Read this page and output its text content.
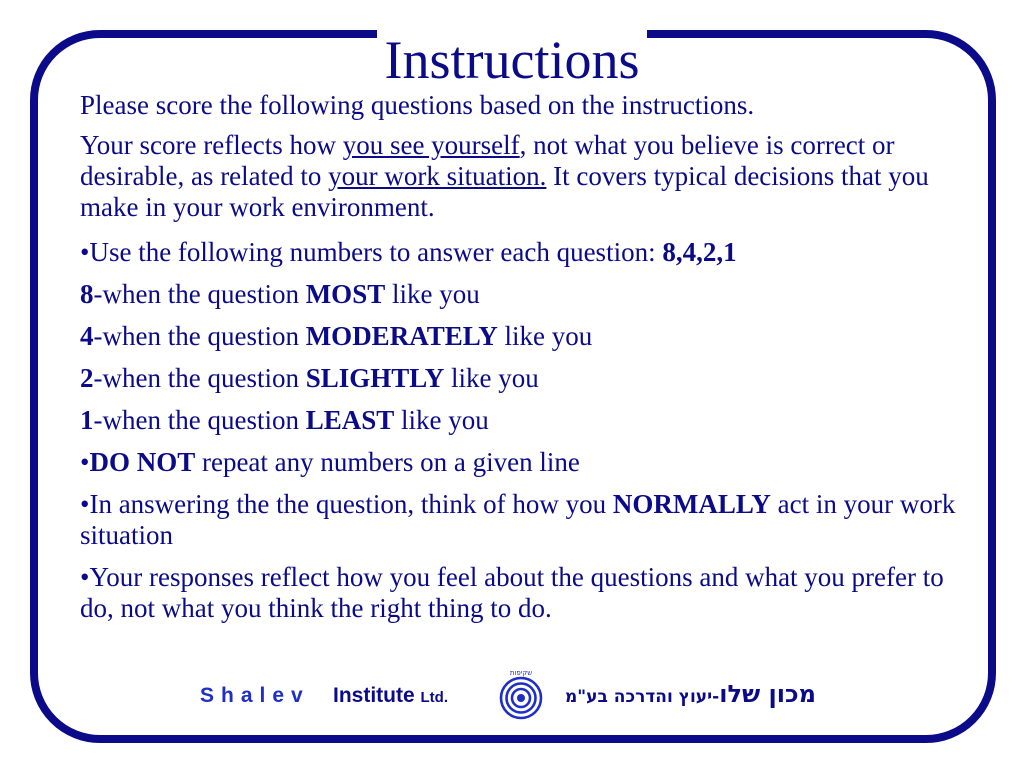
Instructions

Please score the following questions based on the instructions.

Your score reflects how you see yourself, not what you believe is correct or desirable, as related to your work situation. It covers typical decisions that you make in your work environment.

•Use the following numbers to answer each question: 8,4,2,1

8-when the question MOST like you

4-when the question MODERATELY like you

2-when the question SLIGHTLY like you

1-when the question LEAST like you

•DO NOT repeat any numbers on a given line

•In answering the the question, think of how you NORMALLY act in your work situation

•Your responses reflect how you feel about the questions and what you prefer to do, not what you think the right thing to do.

Shalev Institute Ltd.
שקיפות
מכון שלו-יעוץ והדרכה בע"מ
